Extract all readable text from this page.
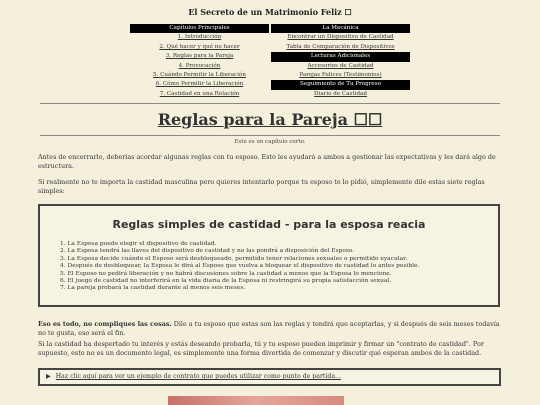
El Secreto de un Matrimonio Feliz ☐
Capítulos Principales
1. Introducción
2. Qué hacer y qué no hacer
3. Reglas para la Pareja
4. Provocación
5. Cuándo Permitir la Liberación
6. Cómo Permitir la Liberación
7. Castidad en una Relación
La Mecánica
Encontrar un Dispositivo de Castidad
Tabla de Comparación de Dispositivos
Lecturas Adicionales
Accesorios de Castidad
Parejas Felices (Testimonios)
Seguimiento de Tu Progreso
Diario de Castidad
Reglas para la Pareja ☐☐
Este es un capítulo corto.

Antes de encerrarlo, deberías acordar algunas reglas con tu esposo. Esto les ayudará a ambos a gestionar las expectativas y les dará algo de estructura.

Si realmente no te importa la castidad masculina pero quieres intentarlo porque tu esposo te lo pidió, simplemente dile estas siete reglas simples:

Reglas simples de castidad - para la esposa reacia
1. La Esposa puede elegir el dispositivo de castidad.
2. La Esposa tendrá las llaves del dispositivo de castidad y no las pondrá a disposición del Esposo.
3. La Esposa decide cuándo el Esposo será desbloqueado, permitido tener relaciones sexuales o permitido eyacular.
4. Después de desbloquear, la Esposa le dirá al Esposo que vuelva a bloquear el dispositivo de castidad lo antes posible.
5. El Esposo no pedirá liberación y no habrá discusiones sobre la castidad a menos que la Esposa lo mencione.
6. El juego de castidad no interferirá en la vida diaria de la Esposa ni restringirá su propia satisfacción sexual.
7. La pareja probará la castidad durante al menos seis meses.

Eso es todo, no compliques las cosas. Dile a tu esposo que estas son las reglas y tendrá que aceptarlas, y si después de seis meses todavía no te gusta, eso será el fin.

Si la castidad ha despertado tu interés y estás deseando probarla, tú y tu esposo pueden imprimir y firmar un "contrato de castidad". Por supuesto, esto no es un documento legal, es simplemente una forma divertida de comenzar y discutir qué esperan ambos de la castidad.

▶ Haz clic aquí para ver un ejemplo de contrato que puedes utilizar como punto de partida...
